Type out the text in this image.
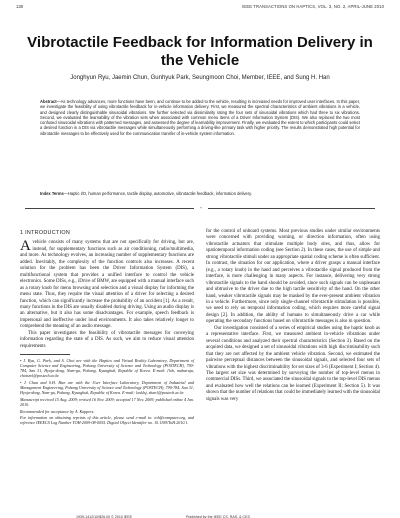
138	IEEE TRANSACTIONS ON HAPTICS, VOL. 3, NO. 2, APRIL-JUNE 2010
Vibrotactile Feedback for Information Delivery in the Vehicle
Jonghyun Ryu, Jaemin Chun, Gunhyuk Park, Seungmoon Choi, Member, IEEE, and Sung H. Han
Abstract—As technology advances, more functions have been, and continue to be added to the vehicle, resulting in increased needs for improved user interfaces. In this paper, we investigate the feasibility of using vibrotactile feedback for in-vehicle information delivery. First, we measured the spectral characteristics of ambient vibrations in a vehicle, and designed clearly distinguishable sinusoidal vibrations. We further selected via dissimilarity rating the four sets of sinusoidal vibrations which had three to six vibrations. Second, we evaluated the learnability of the vibration sets when associated with common menu items of a Driver Information System (DIS). We also replaced the two most confused sinusoidal vibrations with patterned messages, and assessed the degree of learnability improvement. Finally, we evaluated the extent to which participants could select a desired function in a DIS via vibrotactile messages while simultaneously performing a driving-like primary task with higher priority. The results demonstrated high potential for vibrotactile messages to be effectively used for the communication transfer of in-vehicle system information.
Index Terms—Haptic I/O, human performance, tactile display, automotive, vibrotactile feedback, information delivery.
+
1 INTRODUCTION

Avehicle consists of many systems that are not specifically for driving, but are, instead, for supplementary functions such as air conditioning, radio/multimedia, and more. As technology evolves, an increasing number of supplementary functions are added. Inevitably, the complexity of the function controls also increases. A recent solution for the problem has been the Driver Information System (DIS), a multifunctional system that provides a unified interface to control the vehicle electronics. Some DISs, e.g., iDrive of BMW, are equipped with a manual interface such as a rotary knob for menu browsing and selection and a visual display for informing the menu state. Thus, they require the visual attention of a driver for selecting a desired function, which can significantly increase the probability of an accident [1]. As a result, many functions in the DIS are usually disabled during driving. Using an audio display is an alternative, but it also has some disadvantages. For example, speech feedback is impersonal and ineffective under loud environments. It also takes relatively longer to comprehend the meaning of an audio message.

This paper investigates the feasibility of vibrotactile messages for conveying information regarding the state of a DIS. As such, we aim to reduce visual attention requirements

• J. Ryu, G. Park, and S. Choi are with the Haptics and Virtual Reality Laboratory, Department of Computer Science and Engineering, Pohang University of Science and Technology (POSTECH), 790-784, San 31, Hyoja-dong, Nam-gu, Pohang, Kyungbuk, Republic of Korea. E-mail: {lob, maharaja, choism}@postech.ac.kr.

• J. Chun and S.H. Han are with the User Interface Laboratory, Department of Industrial and Management Engineering, Pohang University of Science and Technology (POSTECH), 790-784, San 31, Hyoja-dong, Nam-gu, Pohang, Kyungbuk, Republic of Korea. E-mail: {asklsj, shan}@postech.ac.kr.

Manuscript received 15 Aug. 2009; revised 16 Nov. 2009; accepted 17 Nov. 2009; published online 4 Jan. 2010.

Recommended for acceptance by A. Kappers.

For information on obtaining reprints of this article, please send e-mail to: toh@computer.org, and reference IEEECS Log Number TOH-2009-08-0055. Digital Object Identifier no. 10.1109/ToH.2010.1.

for the control of onboard systems. Most previous studies under similar environments were concerned with providing warning, or direction information, often using vibrotactile actuators that stimulate multiple body sites, and thus, allow for spatiotemporal information coding (see Section 2). In these cases, the use of simple and strong vibrotactile stimuli under an appropriate spatial coding scheme is often sufficient. In contrast, the situation for our application, where a driver grasps a manual interface (e.g., a rotary knob) in the hand and perceives a vibrotactile signal produced from the interface, is more challenging in many aspects. For instance, delivering very strong vibrotactile signals to the hand should be avoided, since such signals can be unpleasant and obtrusive to the driver due to the high tactile sensitivity of the hand. On the other hand, weaker vibrotactile signals may be masked by the ever-present ambient vibration in a vehicle. Furthermore, since only single-channel vibrotactile stimulation is possible, we need to rely on temporal information coding, which requires more careful signal design [2]. In addition, the ability of humans to simultaneously drive a car while operating the secondary functions based on vibrotactile messages is also in question.

Our investigation consisted of a series of empirical studies using the haptic knob as a representative interface. First, we measured ambient in-vehicle vibrations under several conditions and analyzed their spectral characteristics (Section 3). Based on the acquired data, we designed a set of sinusoidal vibrations with high discriminability such that they are not affected by the ambient vehicle vibration. Second, we estimated the pairwise perceptual distances between the sinusoidal signals, and selected four sets of vibrations with the highest discriminability for set sizes of 3-6 (Experiment I; Section 4). The largest set size was determined by surveying the number of top-level menus in commercial DISs. Third, we associated the sinusoidal signals to the top-level DIS menus and evaluated how well the relations can be learned (Experiment II; Section 5). It was shown that the number of relations that could be immediately learned with the sinusoidal signals was very

1939-1412/10/$26.00 © 2010 IEEE	Published by the IEEE CS, RAS, & CES
